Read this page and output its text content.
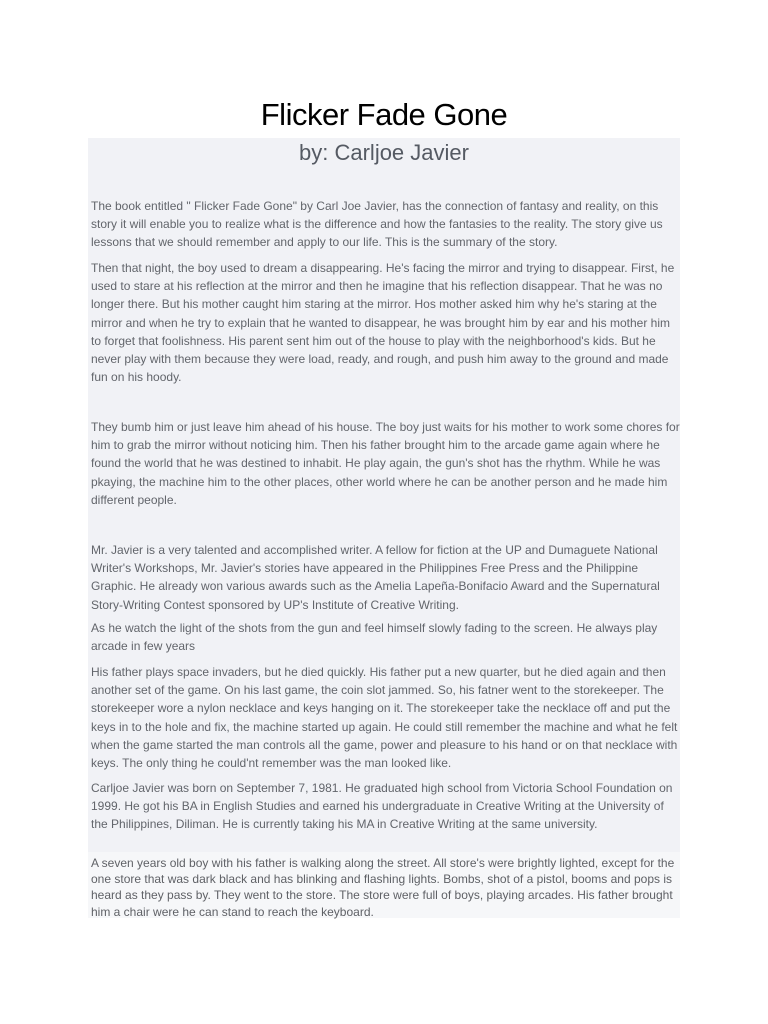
Flicker Fade Gone
by: Carljoe Javier

The book entitled " Flicker Fade Gone" by Carl Joe Javier, has the connection of fantasy and reality, on this story it will enable you to realize what is the difference and how the fantasies to the reality. The story give us lessons that we should remember and apply to our life. This is the summary of the story.

Then that night, the boy used to dream a disappearing. He's facing the mirror and trying to disappear. First, he used to stare at his reflection at the mirror and then he imagine that his reflection disappear. That he was no longer there. But his mother caught him staring at the mirror. Hos mother asked him why he's staring at the mirror and when he try to explain that he wanted to disappear, he was brought him by ear and his mother him to forget that foolishness. His parent sent him out of the house to play with the neighborhood's kids. But he never play with them because they were load, ready, and rough, and push him away to the ground and made fun on his hoody.

They bumb him or just leave him ahead of his house. The boy just waits for his mother to work some chores for him to grab the mirror without noticing him. Then his father brought him to the arcade game again where he found the world that he was destined to inhabit. He play again, the gun's shot has the rhythm. While he was pkaying, the machine him to the other places, other world where he can be another person and he made him different people.

Mr. Javier is a very talented and accomplished writer. A fellow for fiction at the UP and Dumaguete National Writer's Workshops, Mr. Javier's stories have appeared in the Philippines Free Press and the Philippine Graphic. He already won various awards such as the Amelia Lapeña-Bonifacio Award and the Supernatural Story-Writing Contest sponsored by UP's Institute of Creative Writing.

As he watch the light of the shots from the gun and feel himself slowly fading to the screen. He always play arcade in few years

His father plays space invaders, but he died quickly. His father put a new quarter, but he died again and then another set of the game. On his last game, the coin slot jammed. So, his fatner went to the storekeeper. The storekeeper wore a nylon necklace and keys hanging on it. The storekeeper take the necklace off and put the keys in to the hole and fix, the machine started up again. He could still remember the machine and what he felt when the game started the man controls all the game, power and pleasure to his hand or on that necklace with keys. The only thing he could'nt remember was the man looked like.

Carljoe Javier was born on September 7, 1981. He graduated high school from Victoria School Foundation on 1999. He got his BA in English Studies and earned his undergraduate in Creative Writing at the University of the Philippines, Diliman. He is currently taking his MA in Creative Writing at the same university.

A seven years old boy with his father is walking along the street. All store's were brightly lighted, except for the one store that was dark black and has blinking and flashing lights. Bombs, shot of a pistol, booms and pops is heard as they pass by. They went to the store. The store were full of boys, playing arcades. His father brought him a chair were he can stand to reach the keyboard.
